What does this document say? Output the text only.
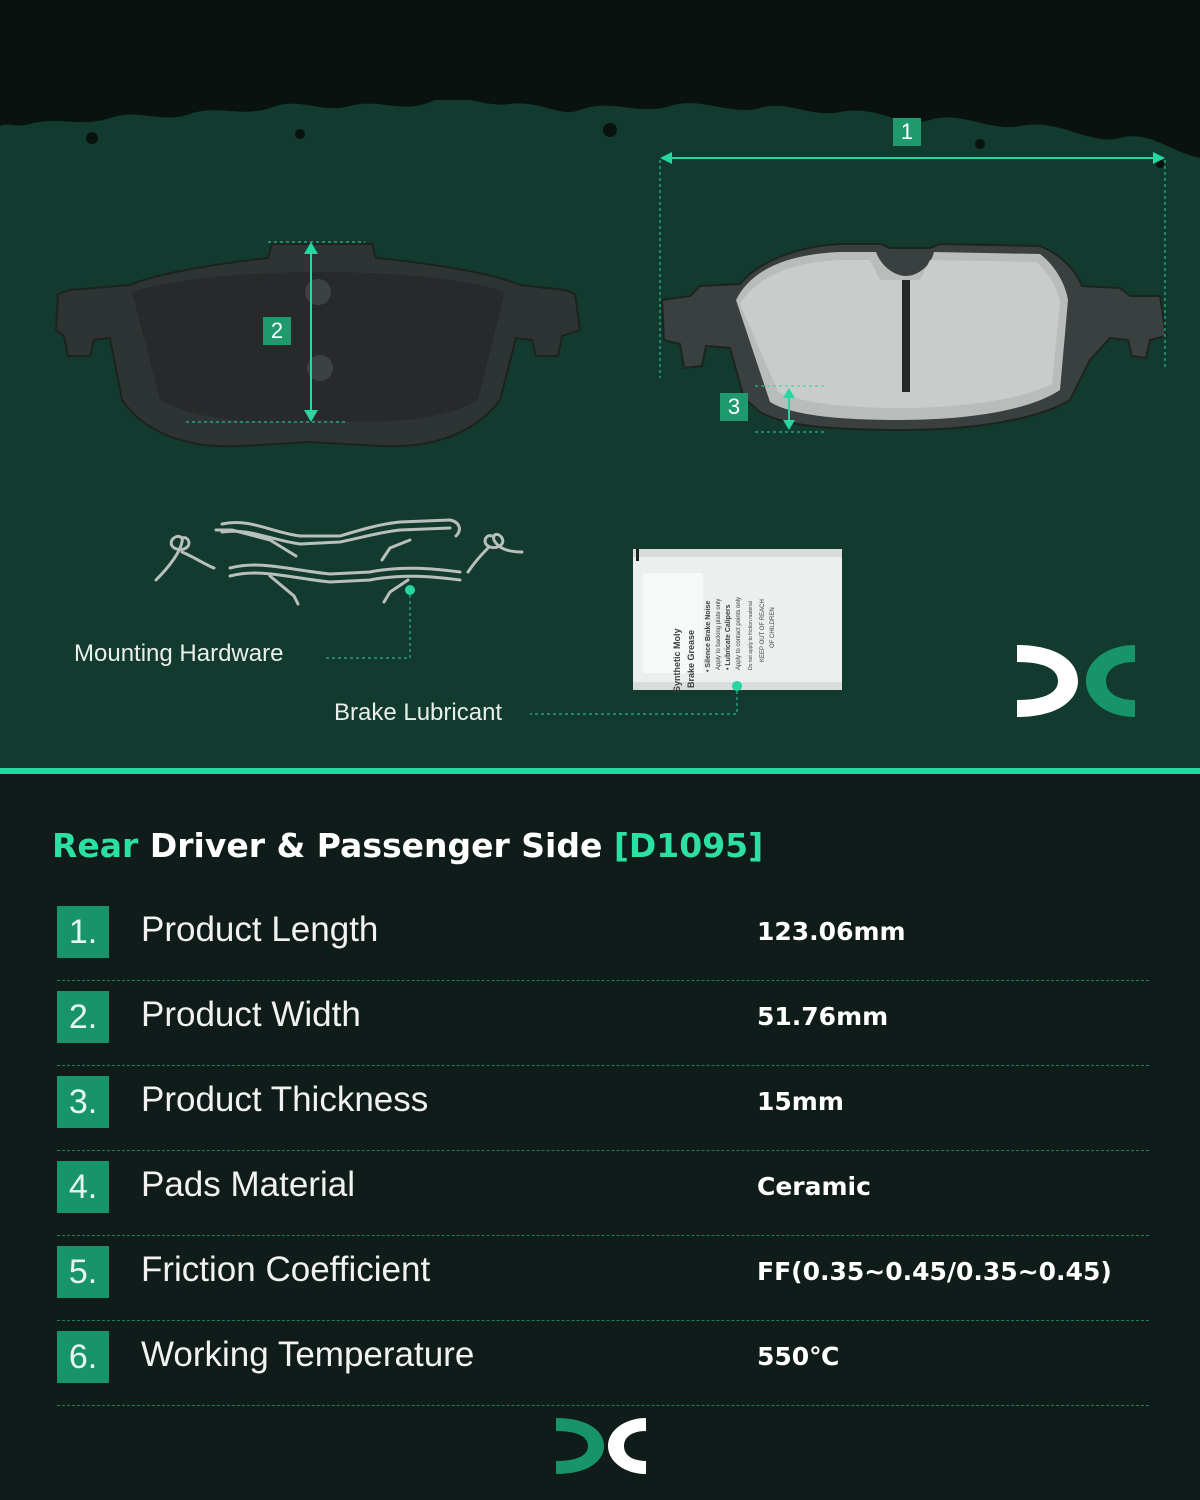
Synthetic Moly Brake Grease • Silence Brake Noise Apply to backing plate only • Lubricate Calipers Apply to contact points only Do not apply to friction material KEEP OUT OF REACH OF CHILDREN
1
2
3
Mounting Hardware
Brake Lubricant
Rear Driver & Passenger Side [D1095]
1.	Product Length	123.06mm
2.	Product Width	51.76mm
3.	Product Thickness	15mm
4.	Pads Material	Ceramic
5.	Friction Coefficient	FF(0.35~0.45/0.35~0.45)
6.	Working Temperature	550℃
